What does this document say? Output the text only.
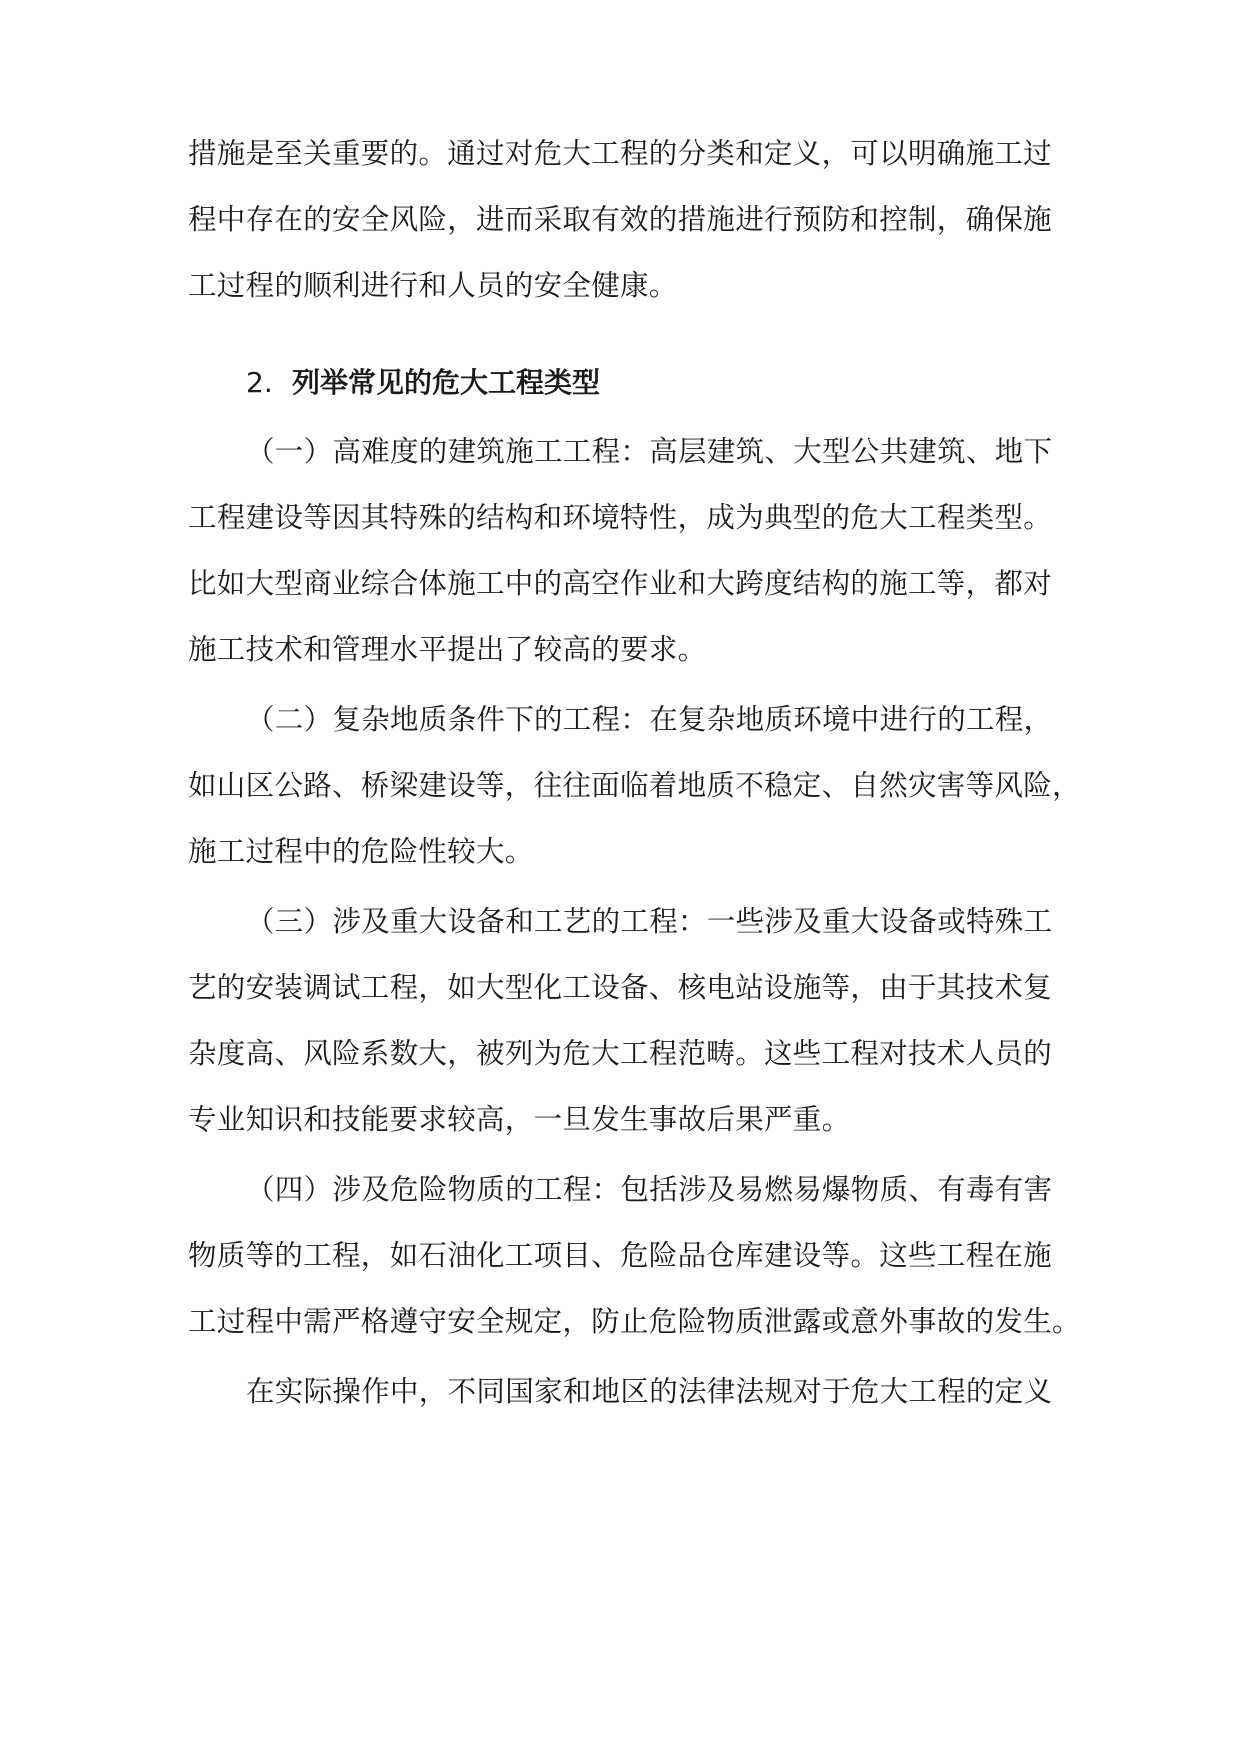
措施是至关重要的。通过对危大工程的分类和定义，可以明确施工过
程中存在的安全风险，进而采取有效的措施进行预防和控制，确保施
工过程的顺利进行和人员的安全健康。
2. 列举常见的危大工程类型
（一）高难度的建筑施工工程：高层建筑、大型公共建筑、地下
工程建设等因其特殊的结构和环境特性，成为典型的危大工程类型。
比如大型商业综合体施工中的高空作业和大跨度结构的施工等，都对
施工技术和管理水平提出了较高的要求。
（二）复杂地质条件下的工程：在复杂地质环境中进行的工程，
如山区公路、桥梁建设等，往往面临着地质不稳定、自然灾害等风险，
施工过程中的危险性较大。
（三）涉及重大设备和工艺的工程：一些涉及重大设备或特殊工
艺的安装调试工程，如大型化工设备、核电站设施等，由于其技术复
杂度高、风险系数大，被列为危大工程范畴。这些工程对技术人员的
专业知识和技能要求较高，一旦发生事故后果严重。
（四）涉及危险物质的工程：包括涉及易燃易爆物质、有毒有害
物质等的工程，如石油化工项目、危险品仓库建设等。这些工程在施
工过程中需严格遵守安全规定，防止危险物质泄露或意外事故的发生。
在实际操作中，不同国家和地区的法律法规对于危大工程的定义
